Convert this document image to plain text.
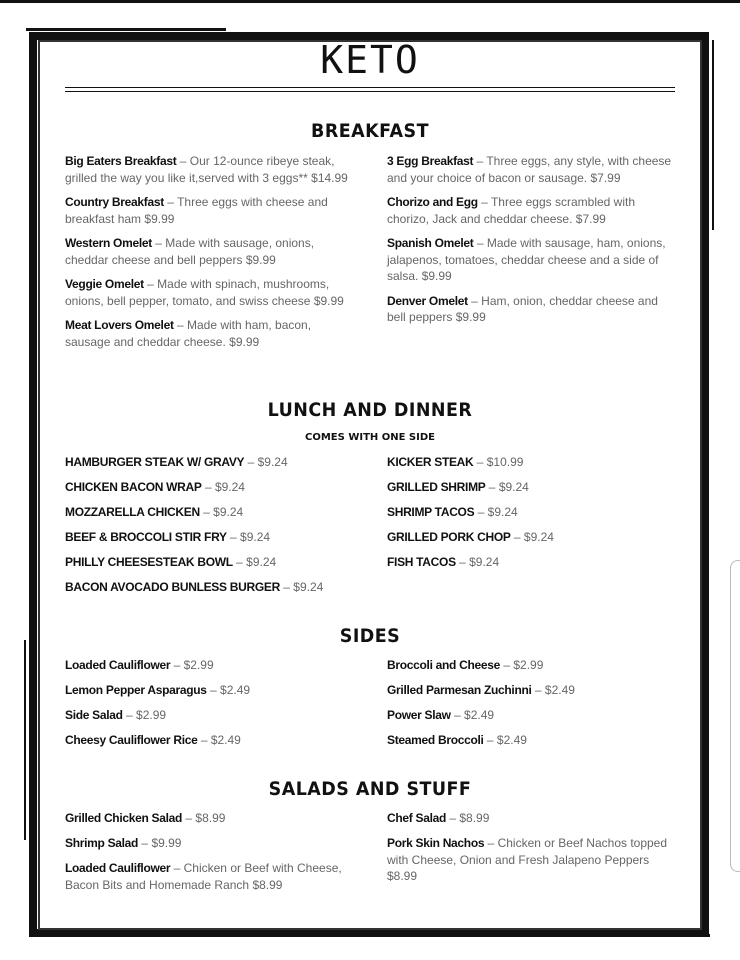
KETO
BREAKFAST

Big Eaters Breakfast – Our 12-ounce ribeye steak, grilled the way you like it,served with 3 eggs** $14.99

Country Breakfast – Three eggs with cheese and breakfast ham $9.99

Western Omelet – Made with sausage, onions, cheddar cheese and bell peppers $9.99

Veggie Omelet – Made with spinach, mushrooms, onions, bell pepper, tomato, and swiss cheese $9.99

Meat Lovers Omelet – Made with ham, bacon, sausage and cheddar cheese. $9.99

3 Egg Breakfast – Three eggs, any style, with cheese and your choice of bacon or sausage. $7.99

Chorizo and Egg – Three eggs scrambled with chorizo, Jack and cheddar cheese. $7.99

Spanish Omelet – Made with sausage, ham, onions, jalapenos, tomatoes, cheddar cheese and a side of salsa. $9.99

Denver Omelet – Ham, onion, cheddar cheese and bell peppers $9.99

LUNCH AND DINNER
COMES WITH ONE SIDE

HAMBURGER STEAK W/ GRAVY – $9.24

CHICKEN BACON WRAP – $9.24

MOZZARELLA CHICKEN – $9.24

BEEF & BROCCOLI STIR FRY – $9.24

PHILLY CHEESESTEAK BOWL – $9.24

BACON AVOCADO BUNLESS BURGER – $9.24

KICKER STEAK – $10.99

GRILLED SHRIMP – $9.24

SHRIMP TACOS – $9.24

GRILLED PORK CHOP – $9.24

FISH TACOS – $9.24

SIDES

Loaded Cauliflower – $2.99

Lemon Pepper Asparagus – $2.49

Side Salad – $2.99

Cheesy Cauliflower Rice – $2.49

Broccoli and Cheese – $2.99

Grilled Parmesan Zuchinni – $2.49

Power Slaw – $2.49

Steamed Broccoli – $2.49

SALADS AND STUFF

Grilled Chicken Salad – $8.99

Shrimp Salad – $9.99

Loaded Cauliflower – Chicken or Beef with Cheese, Bacon Bits and Homemade Ranch $8.99

Chef Salad – $8.99

Pork Skin Nachos – Chicken or Beef Nachos topped with Cheese, Onion and Fresh Jalapeno Peppers $8.99
